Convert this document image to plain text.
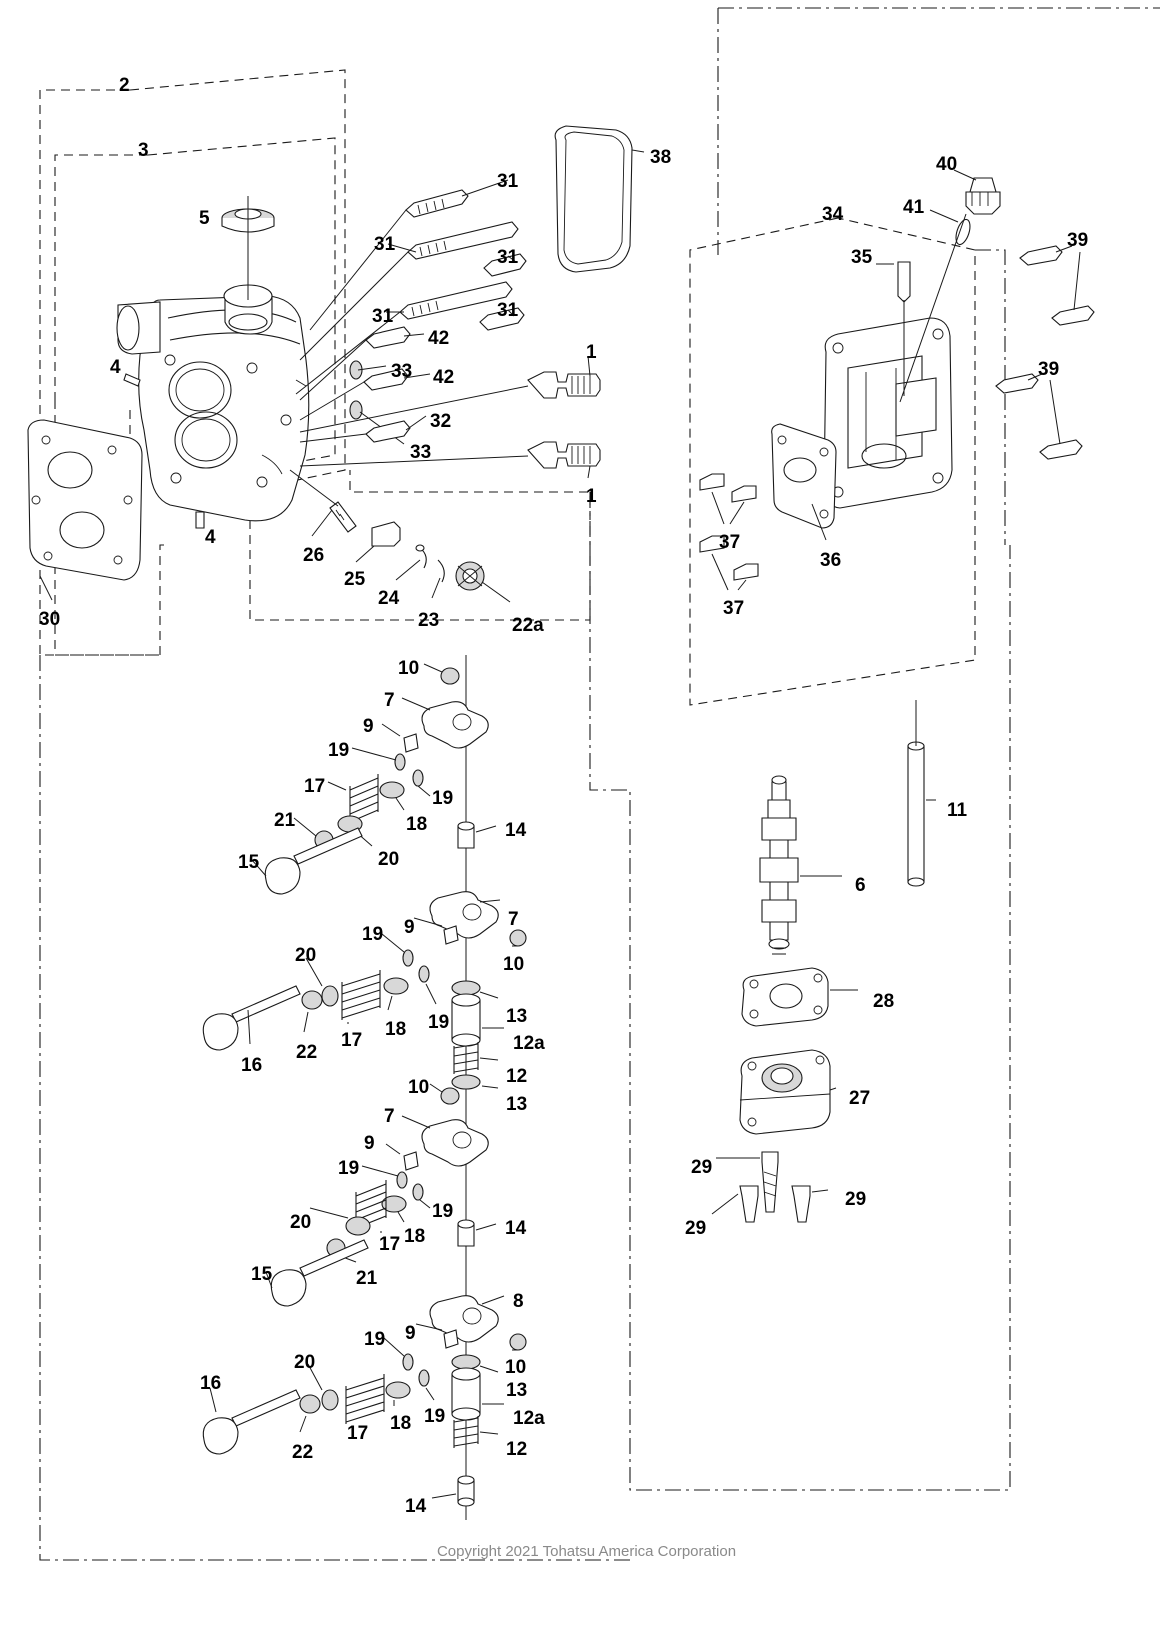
2
3
5
31
38	40
41
34
39
31
31	35
31	31
42
4	33
1
39
42
32
33
1
4	37
36
26
25
24
23	22a
30
37
10
7
9
19
19
17
18
21	14
11
20
15
6
7
19 9
10
20
17
18 19	13
28
22	12a
16
12
10
13	27
7
9
19	29
19
20
18
29
17
14	29
15	21
8
19 9
10
20
16
19
18
13
12a
17
22	12
14
Copyright 2021 Tohatsu America Corporation
